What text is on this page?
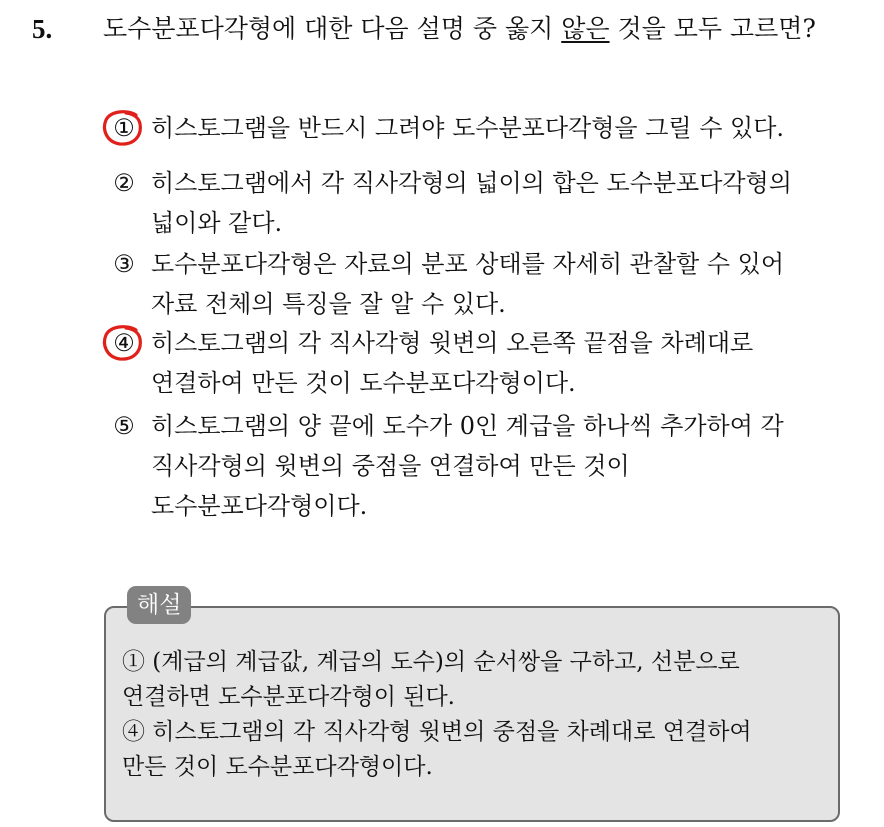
5. 도수분포다각형에 대한 다음 설명 중 옳지 않은 것을 모두 고르면?
① 히스토그램을 반드시 그려야 도수분포다각형을 그릴 수 있다.
② 히스토그램에서 각 직사각형의 넓이의 합은 도수분포다각형의
넓이와 같다.
③ 도수분포다각형은 자료의 분포 상태를 자세히 관찰할 수 있어
자료 전체의 특징을 잘 알 수 있다.
④ 히스토그램의 각 직사각형 윗변의 오른쪽 끝점을 차례대로
연결하여 만든 것이 도수분포다각형이다.
⑤ 히스토그램의 양 끝에 도수가 0인 계급을 하나씩 추가하여 각
직사각형의 윗변의 중점을 연결하여 만든 것이
도수분포다각형이다.
해설
① (계급의 계급값, 계급의 도수)의 순서쌍을 구하고, 선분으로
연결하면 도수분포다각형이 된다.
④ 히스토그램의 각 직사각형 윗변의 중점을 차례대로 연결하여
만든 것이 도수분포다각형이다.
